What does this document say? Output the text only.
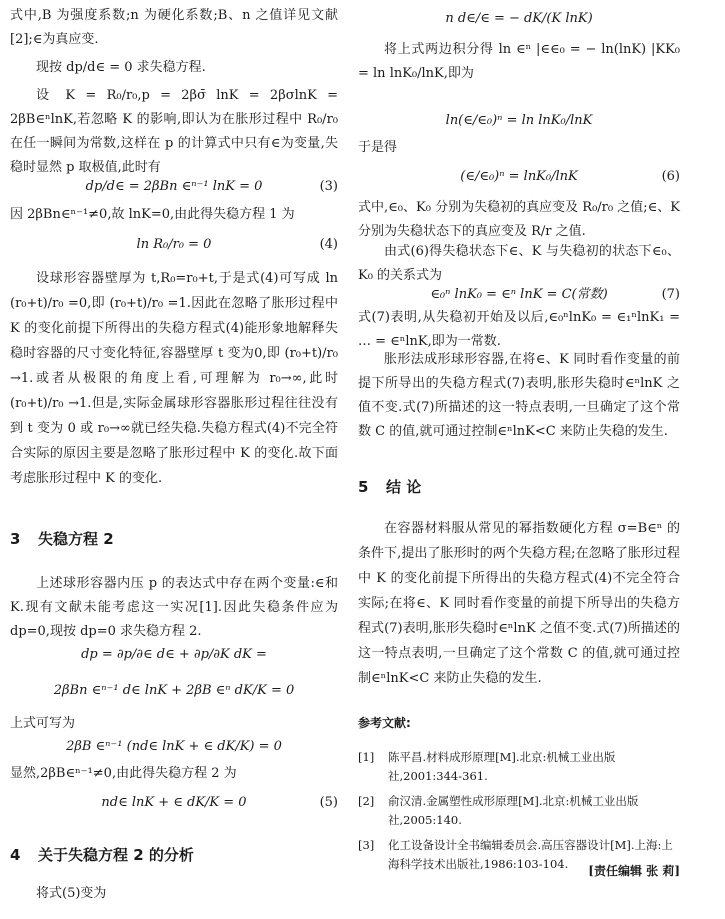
式中,B 为强度系数;n 为硬化系数;B、n 之值详见文献[2];∈为真应变.

现按 dp/d∈ = 0 求失稳方程.

设 K = R₀/r₀,p = 2βσ̄ lnK = 2βσlnK = 2βB∈ⁿlnK,若忽略 K 的影响,即认为在胀形过程中 R₀/r₀ 在任一瞬间为常数,这样在 p 的计算式中只有∈为变量,失稳时显然 p 取极值,此时有

dp/d∈ = 2βBn ∈ⁿ⁻¹ lnK = 0	(3)

因 2βBn∈ⁿ⁻¹≠0,故 lnK=0,由此得失稳方程 1 为

ln R₀/r₀ = 0	(4)

设球形容器壁厚为 t,R₀=r₀+t,于是式(4)可写成 ln (r₀+t)/r₀ =0,即 (r₀+t)/r₀ =1.因此在忽略了胀形过程中 K 的变化前提下所得出的失稳方程式(4)能形象地解释失稳时容器的尺寸变化特征,容器壁厚 t 变为0,即 (r₀+t)/r₀ →1.或者从极限的角度上看,可理解为 r₀→∞,此时 (r₀+t)/r₀ →1.但是,实际金属球形容器胀形过程往往没有到 t 变为 0 或 r₀→∞就已经失稳.失稳方程式(4)不完全符合实际的原因主要是忽略了胀形过程中 K 的变化.故下面考虑胀形过程中 K 的变化.

3 失稳方程 2

上述球形容器内压 p 的表达式中存在两个变量:∈和 K.现有文献未能考虑这一实况[1].因此失稳条件应为 dp=0,现按 dp=0 求失稳方程 2.

dp = ∂p/∂∈ d∈ + ∂p/∂K dK =
2βBn ∈ⁿ⁻¹ d∈ lnK + 2βB ∈ⁿ dK/K = 0

上式可写为

2βB ∈ⁿ⁻¹ (nd∈ lnK + ∈ dK/K) = 0

显然,2βB∈ⁿ⁻¹≠0,由此得失稳方程 2 为

nd∈ lnK + ∈ dK/K = 0	(5)
4 关于失稳方程 2 的分析

将式(5)变为

n d∈/∈ = − dK/(K lnK)

将上式两边积分得 ln ∈ⁿ |∈∈₀ = − ln(lnK) |KK₀ = ln lnK₀/lnK,即为

ln(∈/∈₀)ⁿ = ln lnK₀/lnK

于是得

(∈/∈₀)ⁿ = lnK₀/lnK	(6)

式中,∈₀、K₀ 分别为失稳初的真应变及 R₀/r₀ 之值;∈、K 分别为失稳状态下的真应变及 R/r 之值.

由式(6)得失稳状态下∈、K 与失稳初的状态下∈₀、K₀ 的关系式为

∈₀ⁿ lnK₀ = ∈ⁿ lnK = C(常数)	(7)

式(7)表明,从失稳初开始及以后,∈₀ⁿlnK₀ = ∈₁ⁿlnK₁ = … = ∈ⁿlnK,即为一常数.

胀形法成形球形容器,在将∈、K 同时看作变量的前提下所导出的失稳方程式(7)表明,胀形失稳时∈ⁿlnK 之值不变.式(7)所描述的这一特点表明,一旦确定了这个常数 C 的值,就可通过控制∈ⁿlnK<C 来防止失稳的发生.

5 结 论

在容器材料服从常见的幂指数硬化方程 σ=B∈ⁿ 的条件下,提出了胀形时的两个失稳方程;在忽略了胀形过程中 K 的变化前提下所得出的失稳方程式(4)不完全符合实际;在将∈、K 同时看作变量的前提下所导出的失稳方程式(7)表明,胀形失稳时∈ⁿlnK 之值不变.式(7)所描述的这一特点表明,一旦确定了这个常数 C 的值,就可通过控制∈ⁿlnK<C 来防止失稳的发生.

参考文献:
[1]	陈平昌.材料成形原理[M].北京:机械工业出版社,2001:344-361.
[2]	俞汉清.金属塑性成形原理[M].北京:机械工业出版社,2005:140.
[3]	化工设备设计全书编辑委员会.高压容器设计[M].上海:上海科学技术出版社,1986:103-104.	[责任编辑 张 莉]
